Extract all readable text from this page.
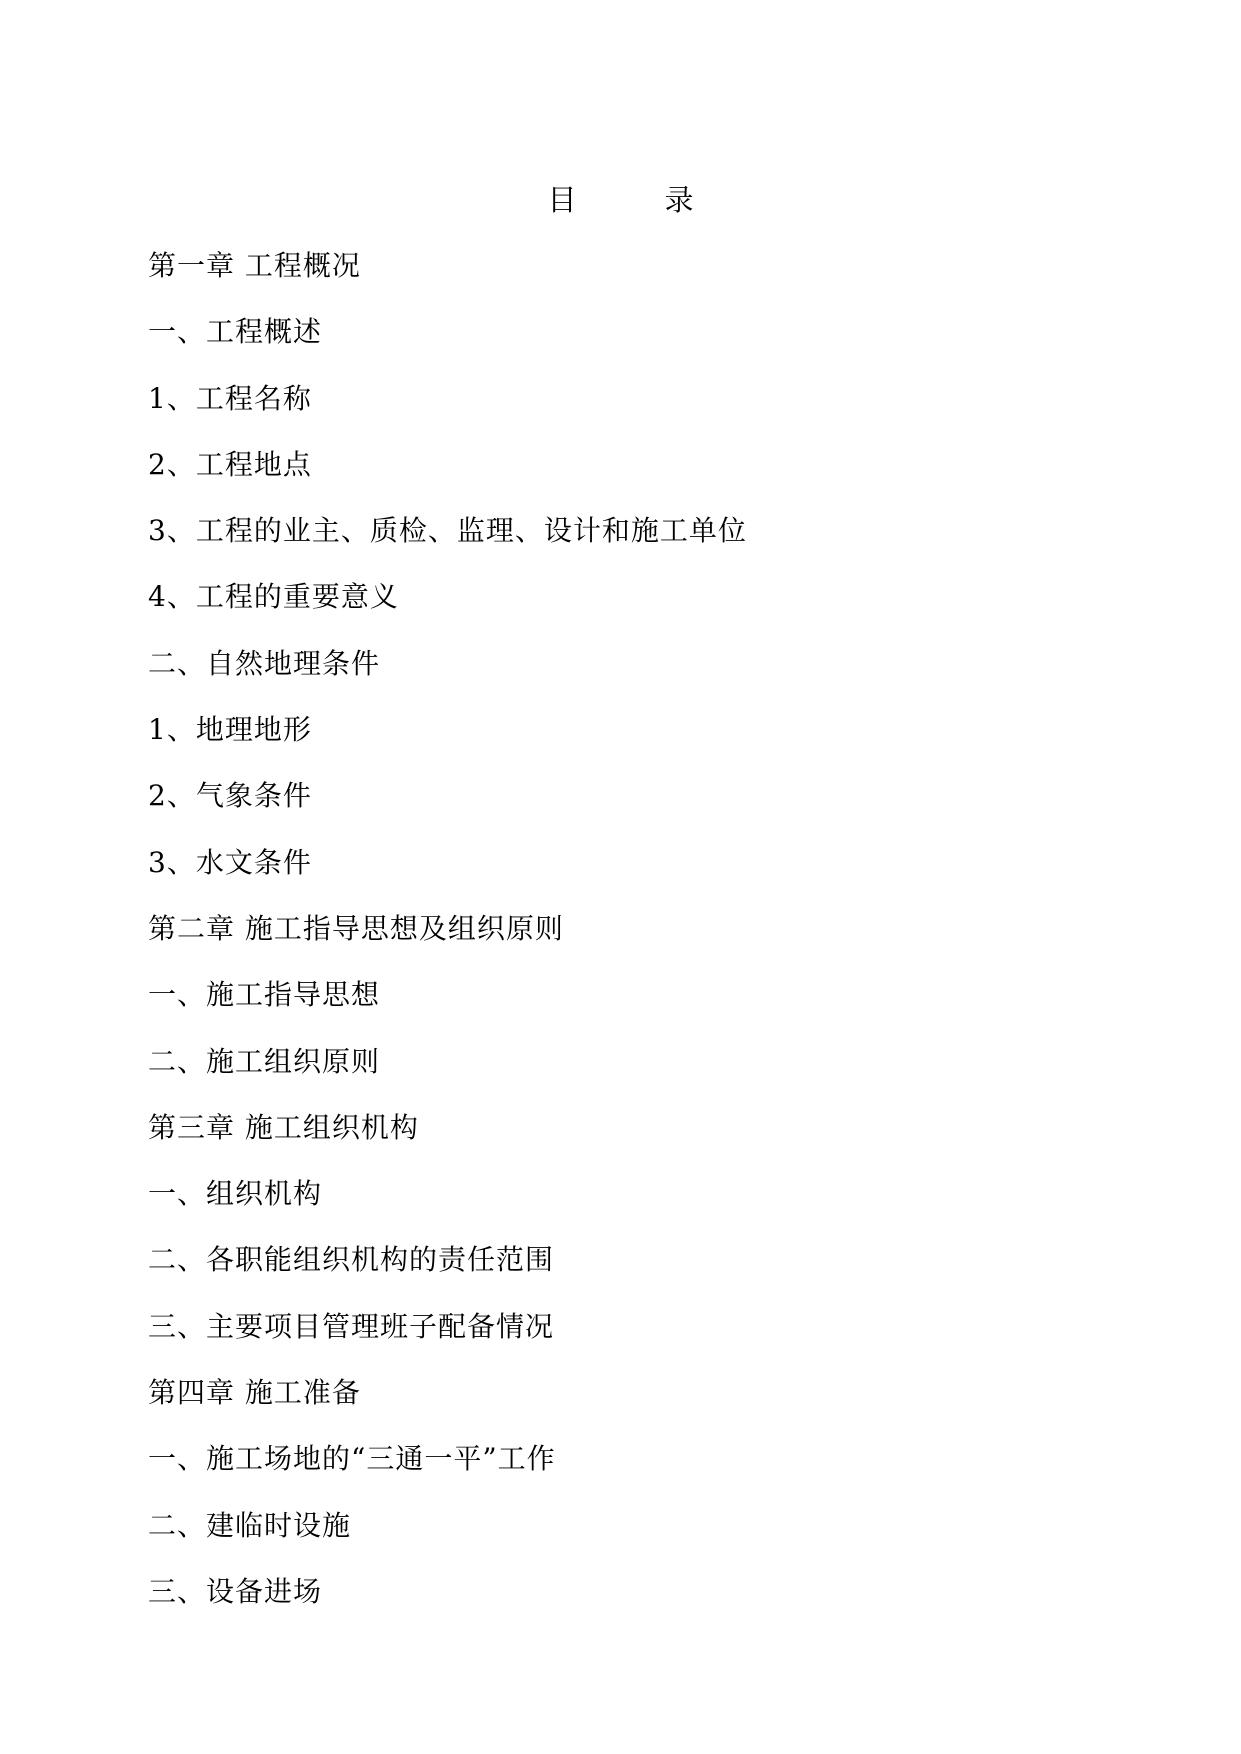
目	录
第一章 工程概况
一、工程概述
1、工程名称
2、工程地点
3、工程的业主、质检、监理、设计和施工单位
4、工程的重要意义
二、自然地理条件
1、地理地形
2、气象条件
3、水文条件
第二章 施工指导思想及组织原则
一、施工指导思想
二、施工组织原则
第三章 施工组织机构
一、组织机构
二、各职能组织机构的责任范围
三、主要项目管理班子配备情况
第四章 施工准备
一、施工场地的“三通一平”工作
二、建临时设施
三、设备进场
